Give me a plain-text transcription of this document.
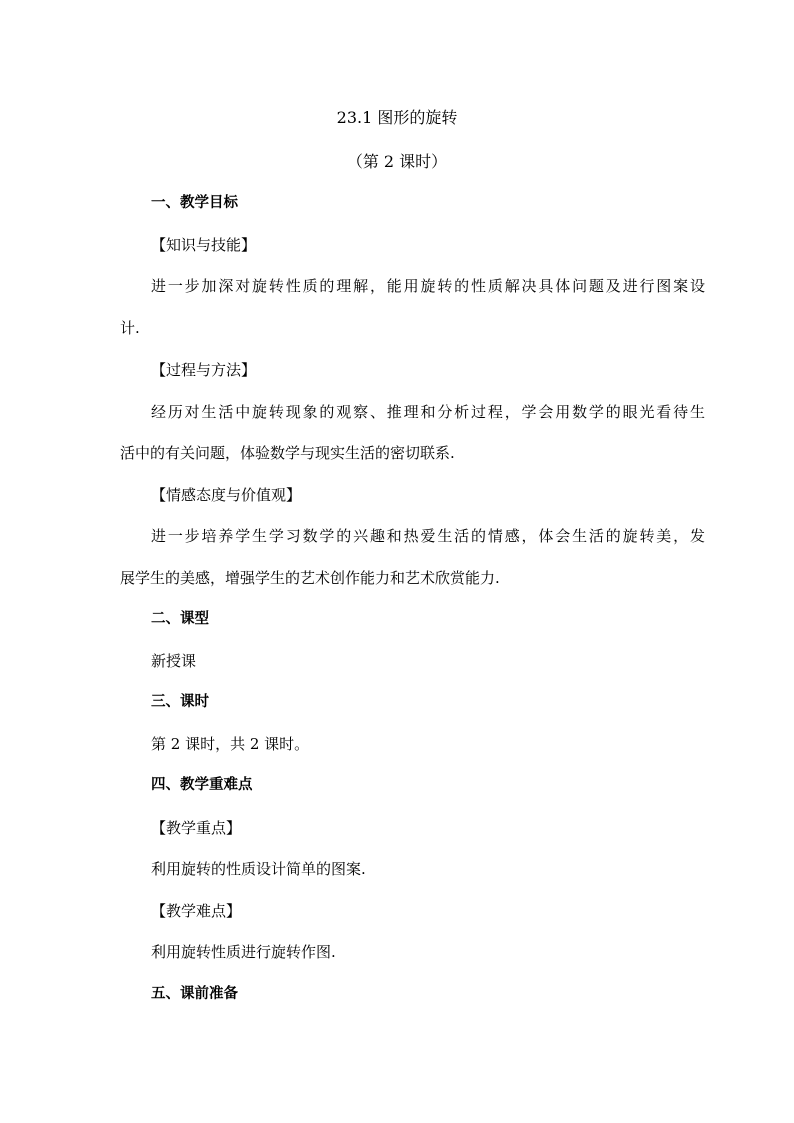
23.1 图形的旋转
（第 2 课时）
一、教学目标
【知识与技能】
进一步加深对旋转性质的理解，能用旋转的性质解决具体问题及进行图案设
计.
【过程与方法】
经历对生活中旋转现象的观察、推理和分析过程，学会用数学的眼光看待生
活中的有关问题，体验数学与现实生活的密切联系.
【情感态度与价值观】
进一步培养学生学习数学的兴趣和热爱生活的情感，体会生活的旋转美，发
展学生的美感，增强学生的艺术创作能力和艺术欣赏能力.
二、课型
新授课
三、课时
第 2 课时，共 2 课时。
四、教学重难点
【教学重点】
利用旋转的性质设计简单的图案.
【教学难点】
利用旋转性质进行旋转作图.
五、课前准备
